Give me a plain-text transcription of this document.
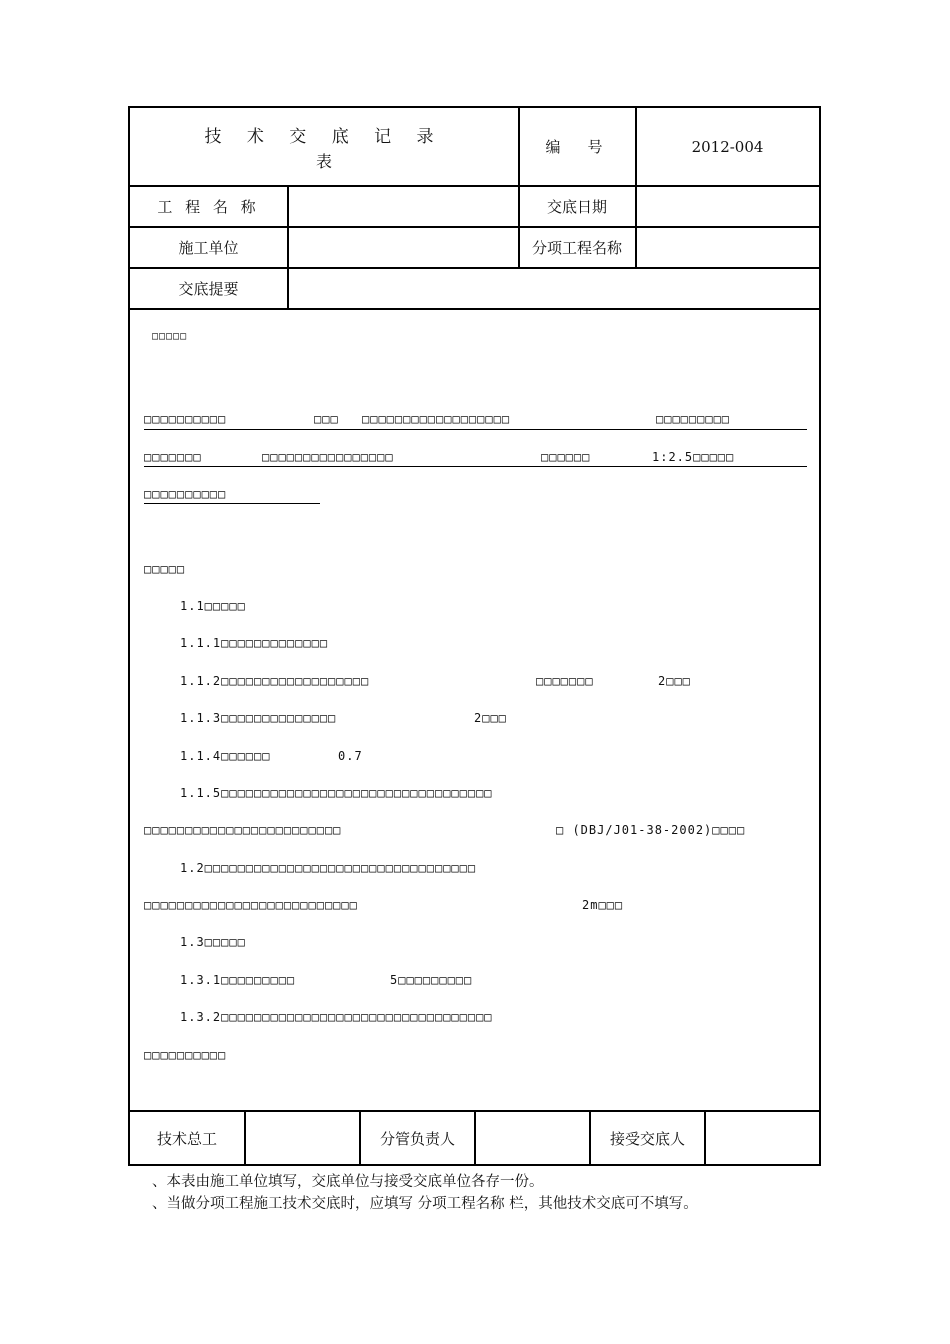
技 术 交 底 记 录
表
编　号	2012-004
工 程 名 称	交底日期
施工单位	分项工程名称
交底提要
□□□□□
□□□□□□□□□□	□□□ □□□□□□□□□□□□□□□□□□	□□□□□□□□□
□□□□□□□	□□□□□□□□□□□□□□□□	□□□□□□	1:2.5□□□□□
□□□□□□□□□□
□□□□□
1.1□□□□□
1.1.1□□□□□□□□□□□□□
1.1.2□□□□□□□□□□□□□□□□□□	□□□□□□□	2□□□
1.1.3□□□□□□□□□□□□□□	2□□□
1.1.4□□□□□□	0.7
1.1.5□□□□□□□□□□□□□□□□□□□□□□□□□□□□□□□□□
□□□□□□□□□□□□□□□□□□□□□□□□	□ (DBJ/J01-38-2002)□□□□
1.2□□□□□□□□□□□□□□□□□□□□□□□□□□□□□□□□□
□□□□□□□□□□□□□□□□□□□□□□□□□□	2m□□□
1.3□□□□□
1.3.1□□□□□□□□□	5□□□□□□□□□
1.3.2□□□□□□□□□□□□□□□□□□□□□□□□□□□□□□□□□
□□□□□□□□□□
技术总工	分管负责人	接受交底人
、本表由施工单位填写，交底单位与接受交底单位各存一份。
、当做分项工程施工技术交底时，应填写 分项工程名称 栏，其他技术交底可不填写。
